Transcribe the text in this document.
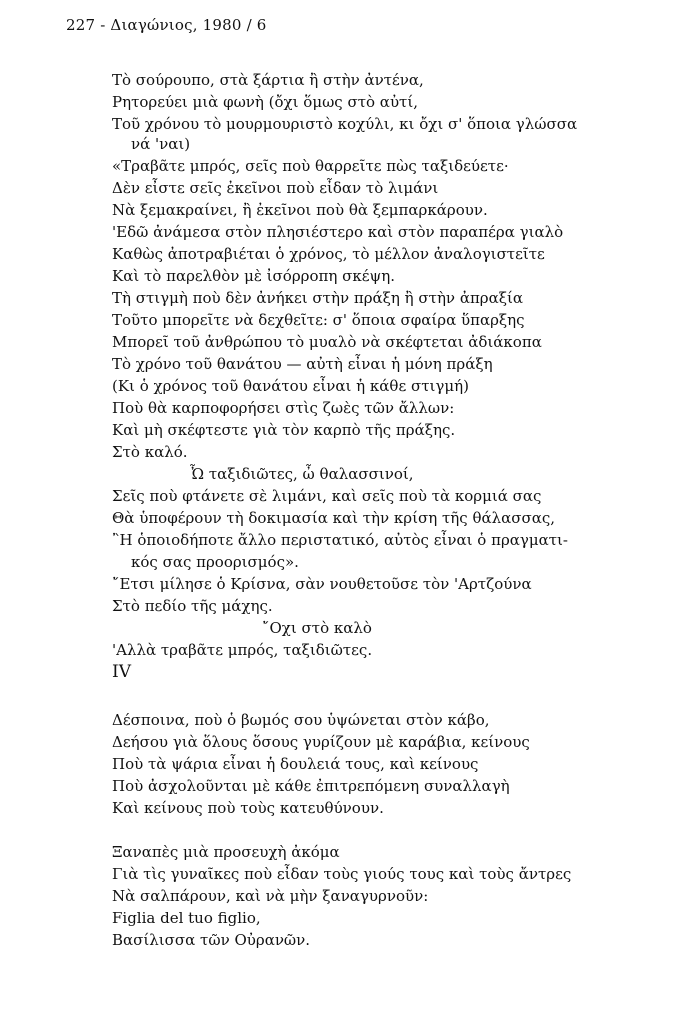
227 - Διαγώνιος, 1980 / 6
Τὸ σούρουπο, στὰ ξάρτια ἢ στὴν ἀντένα,
Ρητορεύει μιὰ φωνὴ (ὄχι ὅμως στὸ αὐτί,
Τοῦ χρόνου τὸ μουρμουριστὸ κοχύλι, κι ὄχι σ' ὅποια γλώσσα
νά 'ναι)
«Τραβᾶτε μπρός, σεῖς ποὺ θαρρεῖτε πὼς ταξιδεύετε·
Δὲν εἶστε σεῖς ἐκεῖνοι ποὺ εἶδαν τὸ λιμάνι
Νὰ ξεμακραίνει, ἢ ἐκεῖνοι ποὺ θὰ ξεμπαρκάρουν.
'Εδῶ ἀνάμεσα στὸν πλησιέστερο καὶ στὸν παραπέρα γιαλὸ
Καθὼς ἀποτραβιέται ὁ χρόνος, τὸ μέλλον ἀναλογιστεῖτε
Καὶ τὸ παρελθὸν μὲ ἰσόρροπη σκέψη.
Τὴ στιγμὴ ποὺ δὲν ἀνήκει στὴν πράξη ἢ στὴν ἀπραξία
Τοῦτο μπορεῖτε νὰ δεχθεῖτε: σ' ὅποια σφαίρα ὕπαρξης
Μπορεῖ τοῦ ἀνθρώπου τὸ μυαλὸ νὰ σκέφτεται ἀδιάκοπα
Τὸ χρόνο τοῦ θανάτου — αὐτὴ εἶναι ἡ μόνη πράξη
(Κι ὁ χρόνος τοῦ θανάτου εἶναι ἡ κάθε στιγμή)
Ποὺ θὰ καρποφορήσει στὶς ζωὲς τῶν ἄλλων:
Καὶ μὴ σκέφτεστε γιὰ τὸν καρπὸ τῆς πράξης.
Στὸ καλό.
Ὦ ταξιδιῶτες, ὦ θαλασσινοί,
Σεῖς ποὺ φτάνετε σὲ λιμάνι, καὶ σεῖς ποὺ τὰ κορμιά σας
Θὰ ὑποφέρουν τὴ δοκιμασία καὶ τὴν κρίση τῆς θάλασσας,
῍Η ὁποιοδήποτε ἄλλο περιστατικό, αὐτὸς εἶναι ὁ πραγματι-
κός σας προορισμός».
῎Ετσι μίλησε ὁ Κρίσνα, σὰν νουθετοῦσε τὸν 'Αρτζούνα
Στὸ πεδίο τῆς μάχης.
῎Οχι στὸ καλὸ
'Αλλὰ τραβᾶτε μπρός, ταξιδιῶτες.
IV
Δέσποινα, ποὺ ὁ βωμός σου ὑψώνεται στὸν κάβο,
Δεήσου γιὰ ὅλους ὅσους γυρίζουν μὲ καράβια, κείνους
Ποὺ τὰ ψάρια εἶναι ἡ δουλειά τους, καὶ κείνους
Ποὺ ἀσχολοῦνται μὲ κάθε ἐπιτρεπόμενη συναλλαγὴ
Καὶ κείνους ποὺ τοὺς κατευθύνουν.
Ξαναπὲς μιὰ προσευχὴ ἀκόμα
Γιὰ τὶς γυναῖκες ποὺ εἶδαν τοὺς γιούς τους καὶ τοὺς ἄντρες
Νὰ σαλπάρουν, καὶ νὰ μὴν ξαναγυρνοῦν:
Figlia del tuo figlio,
Βασίλισσα τῶν Οὐρανῶν.
